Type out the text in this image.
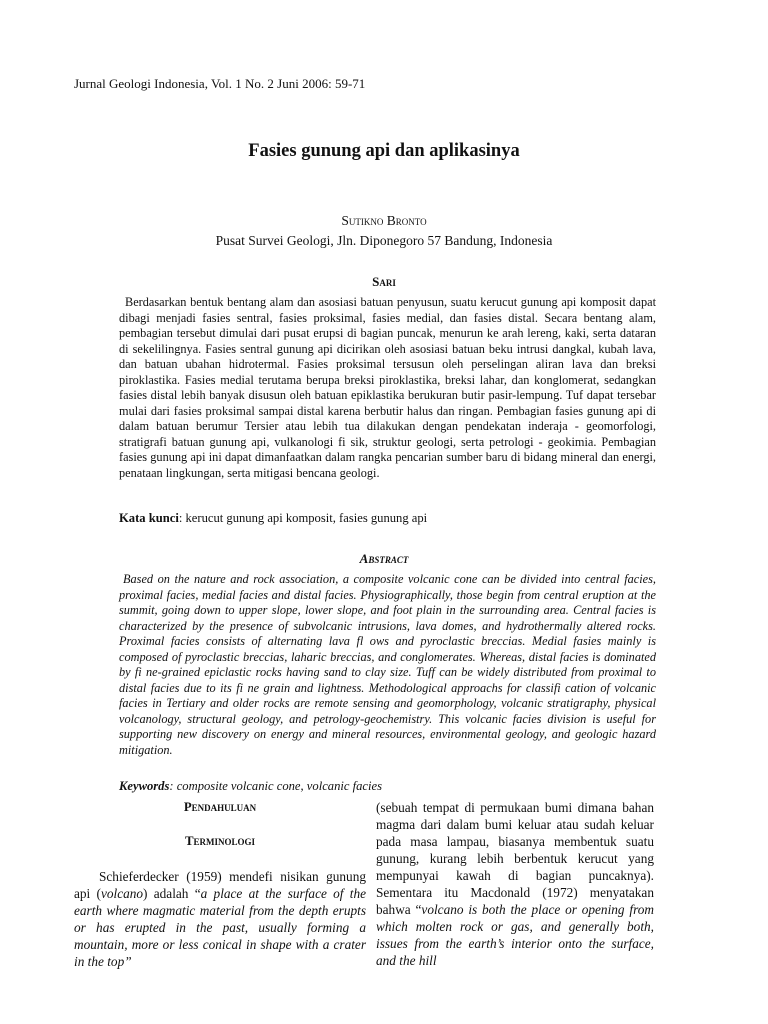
Jurnal Geologi Indonesia, Vol. 1 No. 2 Juni 2006: 59-71
Fasies gunung api dan aplikasinya
Sutikno Bronto
Pusat Survei Geologi, Jln. Diponegoro 57 Bandung, Indonesia
Sari
Berdasarkan bentuk bentang alam dan asosiasi batuan penyusun, suatu kerucut gunung api komposit dapat dibagi menjadi fasies sentral, fasies proksimal, fasies medial, dan fasies distal. Secara bentang alam, pembagian tersebut dimulai dari pusat erupsi di bagian puncak, menurun ke arah lereng, kaki, serta dataran di sekelilingnya. Fasies sentral gunung api dicirikan oleh asosiasi batuan beku intrusi dangkal, kubah lava, dan batuan ubahan hidrotermal. Fasies proksimal tersusun oleh perselingan aliran lava dan breksi piroklastika. Fasies medial terutama berupa breksi piroklastika, breksi lahar, dan konglomerat, sedangkan fasies distal lebih banyak disusun oleh batuan epiklastika berukuran butir pasir-lempung. Tuf dapat tersebar mulai dari fasies proksimal sampai distal karena berbutir halus dan ringan. Pembagian fasies gunung api di dalam batuan berumur Tersier atau lebih tua dilakukan dengan pendekatan inderaja - geomorfologi, stratigrafi batuan gunung api, vulkanologi fi sik, struktur geologi, serta petrologi - geokimia. Pembagian fasies gunung api ini dapat dimanfaatkan dalam rangka pencarian sumber baru di bidang mineral dan energi, penataan lingkungan, serta mitigasi bencana geologi.
Kata kunci: kerucut gunung api komposit, fasies gunung api
Abstract
Based on the nature and rock association, a composite volcanic cone can be divided into central facies, proximal facies, medial facies and distal facies. Physiographically, those begin from central eruption at the summit, going down to upper slope, lower slope, and foot plain in the surrounding area. Central facies is characterized by the presence of subvolcanic intrusions, lava domes, and hydrothermally altered rocks. Proximal facies consists of alternating lava fl ows and pyroclastic breccias. Medial fasies mainly is composed of pyroclastic breccias, laharic breccias, and conglomerates. Whereas, distal facies is dominated by fi ne-grained epiclastic rocks having sand to clay size. Tuff can be widely distributed from proximal to distal facies due to its fi ne grain and lightness. Methodological approachs for classifi cation of volcanic facies in Tertiary and older rocks are remote sensing and geomorphology, volcanic stratigraphy, physical volcanology, structural geology, and petrology-geochemistry. This volcanic facies division is useful for supporting new discovery on energy and mineral resources, environmental geology, and geologic hazard mitigation.
Keywords: composite volcanic cone, volcanic facies
Pendahuluan
Terminologi
Schieferdecker (1959) mendefi nisikan gunung api (volcano) adalah “a place at the surface of the earth where magmatic material from the depth erupts or has erupted in the past, usually forming a mountain, more or less conical in shape with a crater in the top”
(sebuah tempat di permukaan bumi dimana bahan magma dari dalam bumi keluar atau sudah keluar pada masa lampau, biasanya membentuk suatu gunung, kurang lebih berbentuk kerucut yang mempunyai kawah di bagian puncaknya). Sementara itu Macdonald (1972) menyatakan bahwa “volcano is both the place or opening from which molten rock or gas, and generally both, issues from the earth’s interior onto the surface, and the hill
